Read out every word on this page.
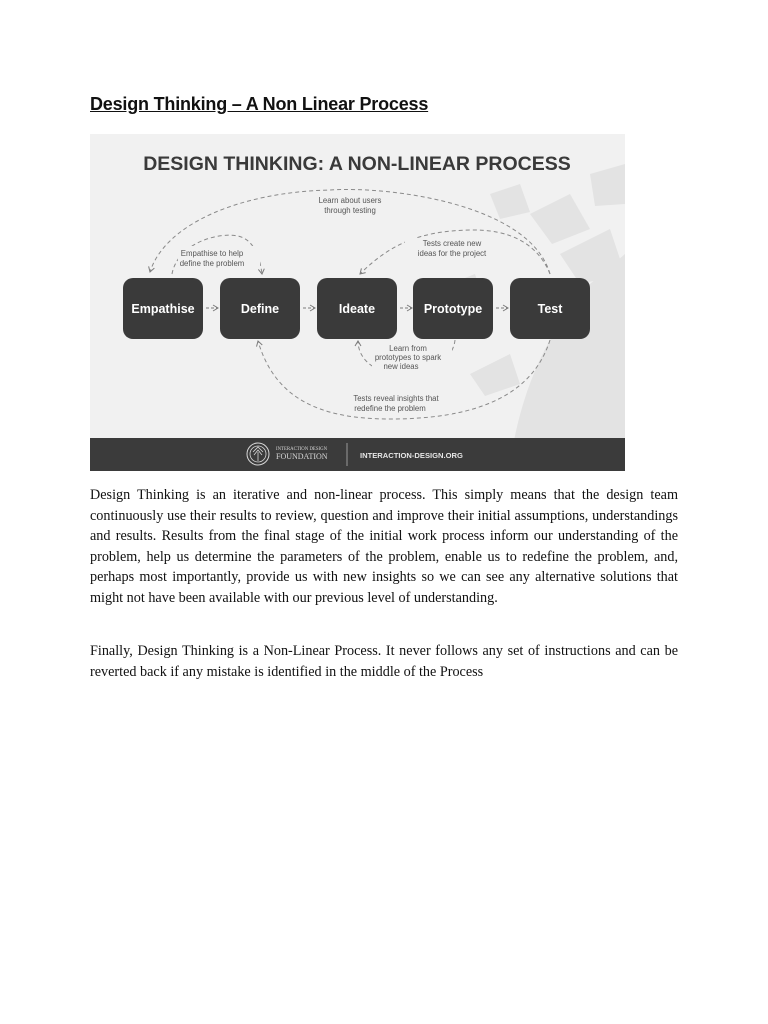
Design Thinking – A Non Linear Process
DESIGN THINKING: A NON-LINEAR PROCESS
Empathise	Define	Ideate	Prototype	Test
Learn about users
through testing
Empathise to help
define the problem
Tests create new
ideas for the project
Learn from
prototypes to spark
new ideas
Tests reveal insights that
redefine the problem
INTERACTION DESIGN
FOUNDATION	INTERACTION-DESIGN.ORG

Design Thinking is an iterative and non-linear process. This simply means that the design team continuously use their results to review, question and improve their initial assumptions, understandings and results. Results from the final stage of the initial work process inform our understanding of the problem, help us determine the parameters of the problem, enable us to redefine the problem, and, perhaps most importantly, provide us with new insights so we can see any alternative solutions that might not have been available with our previous level of understanding.

Finally, Design Thinking is a Non-Linear Process. It never follows any set of instructions and can be reverted back if any mistake is identified in the middle of the Process
